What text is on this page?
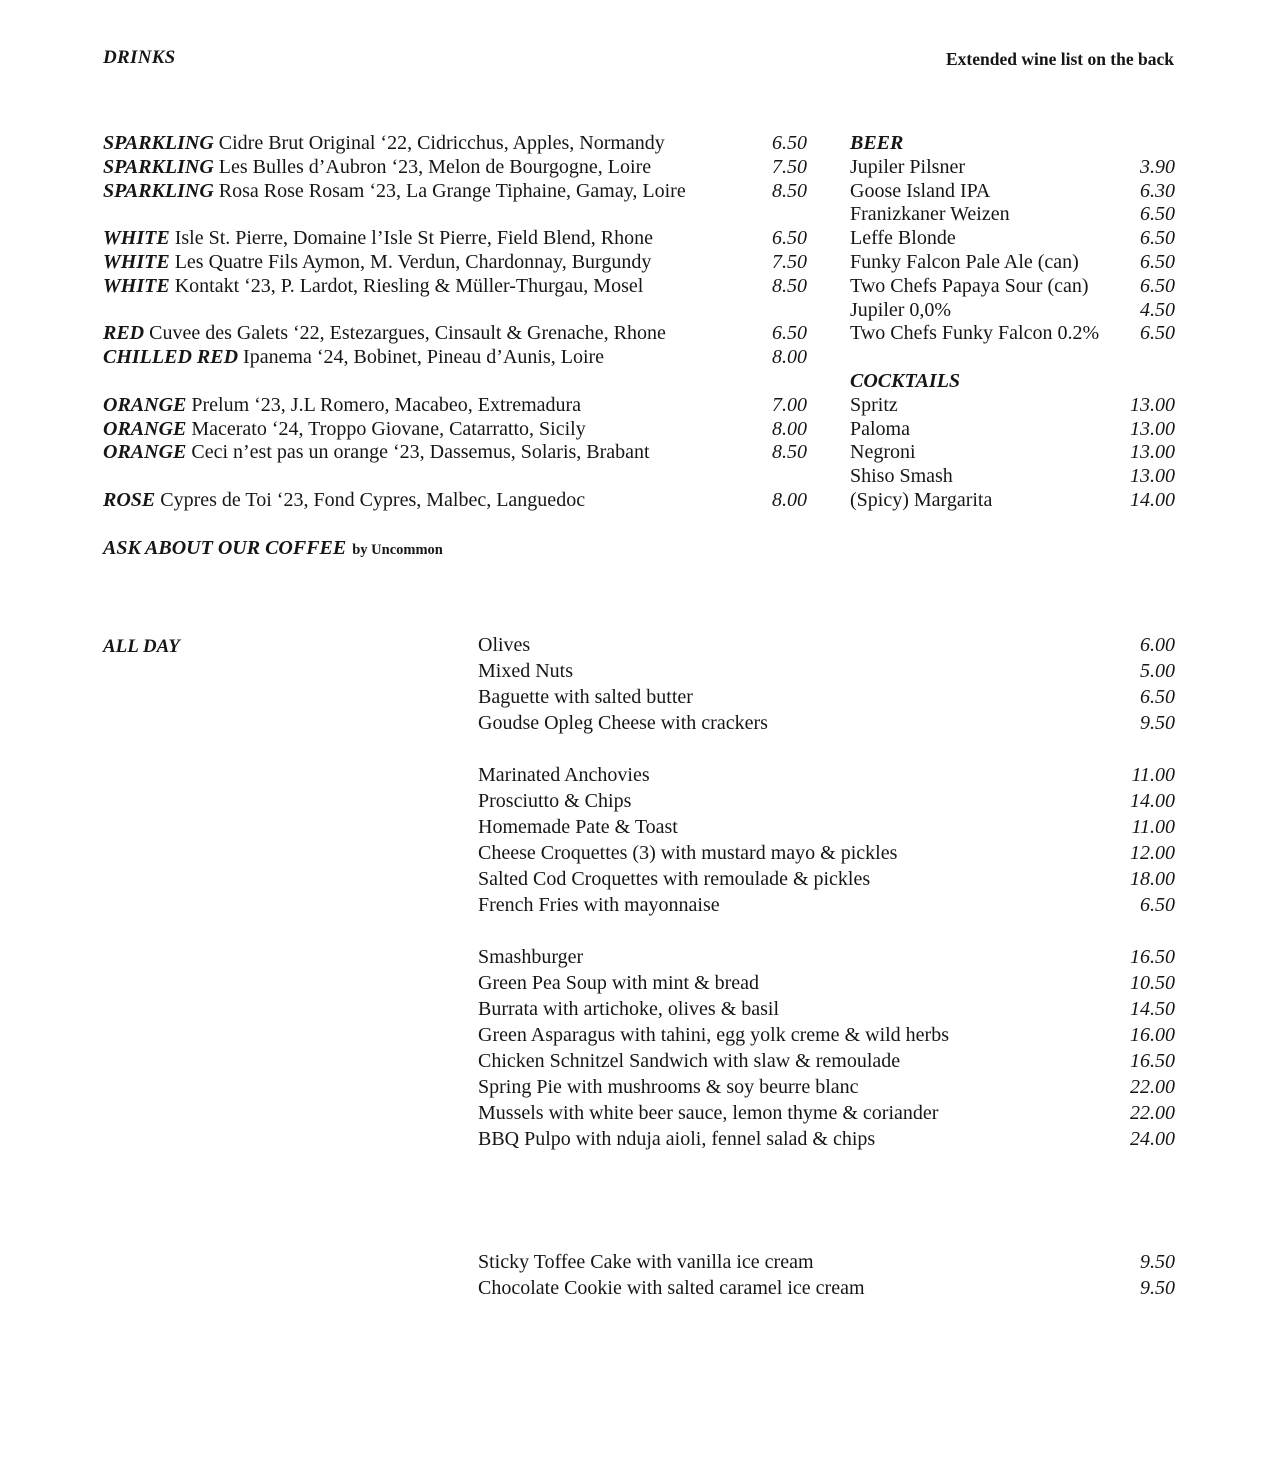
DRINKS	Extended wine list on the back
SPARKLING Cidre Brut Original ‘22, Cidricchus, Apples, Normandy	6.50
SPARKLING Les Bulles d’Aubron ‘23, Melon de Bourgogne, Loire	7.50
SPARKLING Rosa Rose Rosam ‘23, La Grange Tiphaine, Gamay, Loire	8.50
WHITE Isle St. Pierre, Domaine l’Isle St Pierre, Field Blend, Rhone	6.50
WHITE Les Quatre Fils Aymon, M. Verdun, Chardonnay, Burgundy	7.50
WHITE Kontakt ‘23, P. Lardot, Riesling & Müller-Thurgau, Mosel	8.50
RED Cuvee des Galets ‘22, Estezargues, Cinsault & Grenache, Rhone	6.50
CHILLED RED Ipanema ‘24, Bobinet, Pineau d’Aunis, Loire	8.00
ORANGE Prelum ‘23, J.L Romero, Macabeo, Extremadura	7.00
ORANGE Macerato ‘24, Troppo Giovane, Catarratto, Sicily	8.00
ORANGE Ceci n’est pas un orange ‘23, Dassemus, Solaris, Brabant	8.50
ROSE Cypres de Toi ‘23, Fond Cypres, Malbec, Languedoc	8.00
ASK ABOUT OUR COFFEE by Uncommon
BEER
Jupiler Pilsner	3.90
Goose Island IPA	6.30
Franizkaner Weizen	6.50
Leffe Blonde	6.50
Funky Falcon Pale Ale (can)	6.50
Two Chefs Papaya Sour (can)	6.50
Jupiler 0,0%	4.50
Two Chefs Funky Falcon 0.2%	6.50
COCKTAILS
Spritz	13.00
Paloma	13.00
Negroni	13.00
Shiso Smash	13.00
(Spicy) Margarita	14.00
ALL DAY	Olives	6.00
Mixed Nuts	5.00
Baguette with salted butter	6.50
Goudse Opleg Cheese with crackers	9.50
Marinated Anchovies	11.00
Prosciutto & Chips	14.00
Homemade Pate & Toast	11.00
Cheese Croquettes (3) with mustard mayo & pickles	12.00
Salted Cod Croquettes with remoulade & pickles	18.00
French Fries with mayonnaise	6.50
Smashburger	16.50
Green Pea Soup with mint & bread	10.50
Burrata with artichoke, olives & basil	14.50
Green Asparagus with tahini, egg yolk creme & wild herbs	16.00
Chicken Schnitzel Sandwich with slaw & remoulade	16.50
Spring Pie with mushrooms & soy beurre blanc	22.00
Mussels with white beer sauce, lemon thyme & coriander	22.00
BBQ Pulpo with nduja aioli, fennel salad & chips	24.00
Sticky Toffee Cake with vanilla ice cream	9.50
Chocolate Cookie with salted caramel ice cream	9.50
